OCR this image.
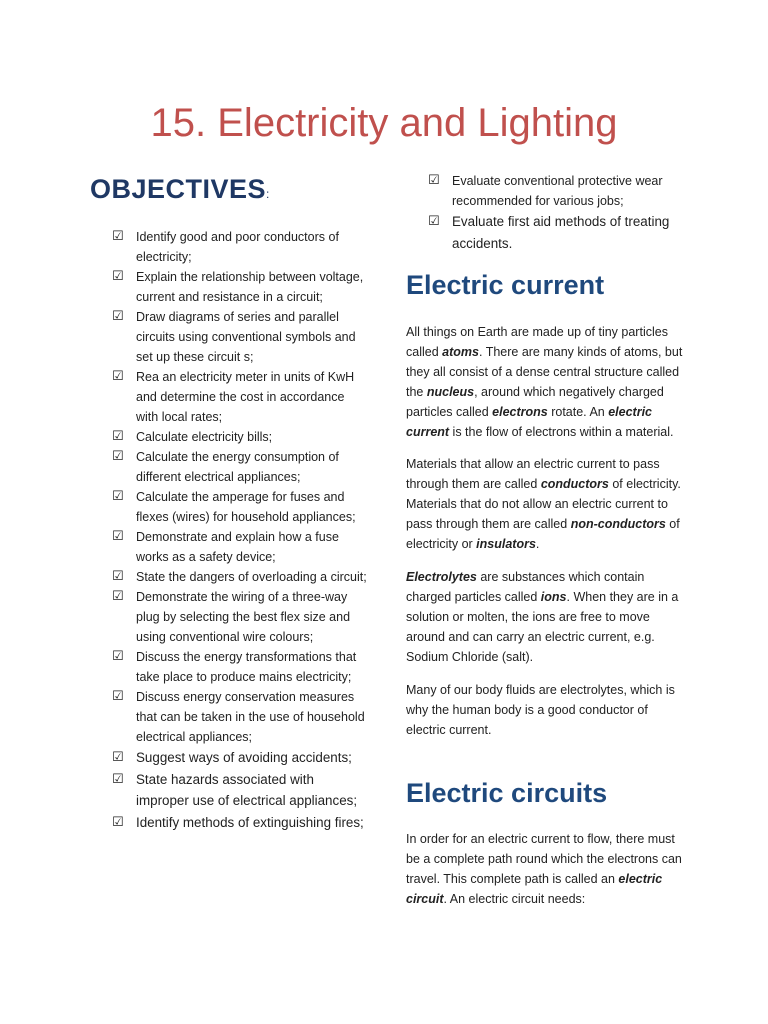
15. Electricity and Lighting
OBJECTIVES:
☑ Identify good and poor conductors of electricity;
☑ Explain the relationship between voltage, current and resistance in a circuit;
☑ Draw diagrams of series and parallel circuits using conventional symbols and set up these circuit s;
☑ Rea an electricity meter in units of KwH and determine the cost in accordance with local rates;
☑ Calculate electricity bills;
☑ Calculate the energy consumption of different electrical appliances;
☑ Calculate the amperage for fuses and flexes (wires) for household appliances;
☑ Demonstrate and explain how a fuse works as a safety device;
☑ State the dangers of overloading a circuit;
☑ Demonstrate the wiring of a three-way plug by selecting the best flex size and using conventional wire colours;
☑ Discuss the energy transformations that take place to produce mains electricity;
☑ Discuss energy conservation measures that can be taken in the use of household electrical appliances;
☑ Suggest ways of avoiding accidents;
☑ State hazards associated with improper use of electrical appliances;
☑ Identify methods of extinguishing fires;
☑ Evaluate conventional protective wear recommended for various jobs;
☑ Evaluate first aid methods of treating accidents.
Electric current

All things on Earth are made up of tiny particles called atoms. There are many kinds of atoms, but they all consist of a dense central structure called the nucleus, around which negatively charged particles called electrons rotate. An electric current is the flow of electrons within a material.

Materials that allow an electric current to pass through them are called conductors of electricity. Materials that do not allow an electric current to pass through them are called non-conductors of electricity or insulators.

Electrolytes are substances which contain charged particles called ions. When they are in a solution or molten, the ions are free to move around and can carry an electric current, e.g. Sodium Chloride (salt).

Many of our body fluids are electrolytes, which is why the human body is a good conductor of electric current.

Electric circuits

In order for an electric current to flow, there must be a complete path round which the electrons can travel. This complete path is called an electric circuit. An electric circuit needs:
